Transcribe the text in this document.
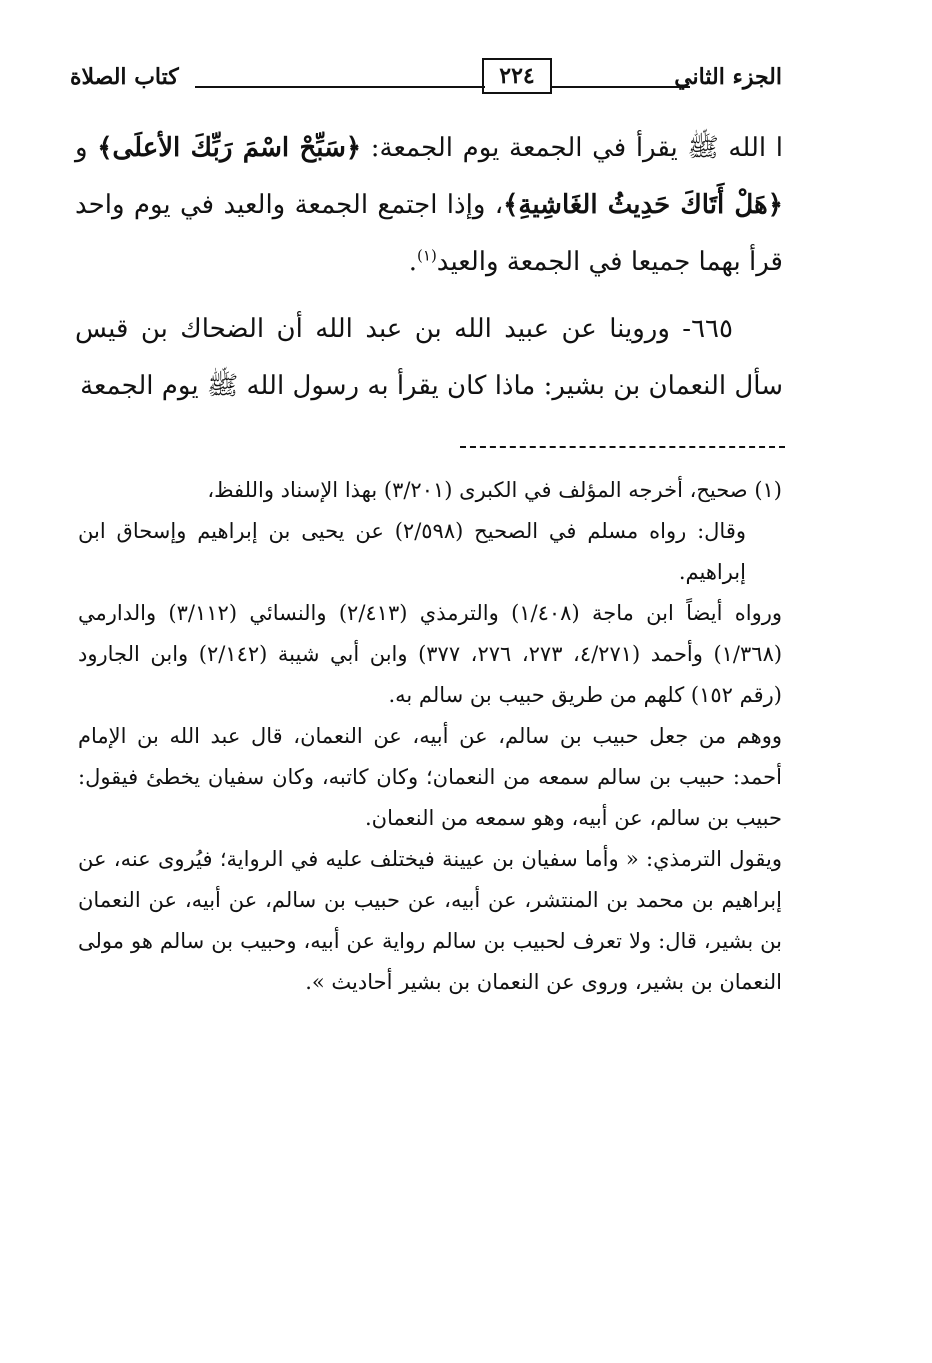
الجزء الثاني
٢٢٤
كتاب الصلاة

ا الله ﷺ يقرأ في الجمعة يوم الجمعة: ﴿سَبِّحْ اسْمَ رَبِّكَ الأعلَى﴾ و ﴿هَلْ أَتَاكَ حَدِيثُ الغَاشِيةِ﴾، وإذا اجتمع الجمعة والعيد في يوم واحد قرأ بهما جميعا في الجمعة والعيد$^{(١)}$.

٦٦٥- وروينا عن عبيد الله بن عبد الله أن الضحاك بن قيس سأل النعمان بن بشير: ماذا كان يقرأ به رسول الله ﷺ يوم الجمعة

(١) صحيح، أخرجه المؤلف في الكبرى (٣/٢٠١) بهذا الإسناد واللفظ،

وقال: رواه مسلم في الصحيح (٢/٥٩٨) عن يحيى بن إبراهيم وإسحاق ابن إبراهيم.

ورواه أيضاً ابن ماجة (١/٤٠٨) والترمذي (٢/٤١٣) والنسائي (٣/١١٢) والدارمي (١/٣٦٨) وأحمد (٤/٢٧١، ٢٧٣، ٢٧٦، ٣٧٧) وابن أبي شيبة (٢/١٤٢) وابن الجارود (رقم ١٥٢) كلهم من طريق حبيب بن سالم به.

ووهم من جعل حبيب بن سالم، عن أبيه، عن النعمان، قال عبد الله بن الإمام أحمد: حبيب بن سالم سمعه من النعمان؛ وكان كاتبه، وكان سفيان يخطئ فيقول: حبيب بن سالم، عن أبيه، وهو سمعه من النعمان.

ويقول الترمذي: « وأما سفيان بن عيينة فيختلف عليه في الرواية؛ فيُروى عنه، عن إبراهيم بن محمد بن المنتشر، عن أبيه، عن حبيب بن سالم، عن أبيه، عن النعمان بن بشير، قال: ولا تعرف لحبيب بن سالم رواية عن أبيه، وحبيب بن سالم هو مولى النعمان بن بشير، وروى عن النعمان بن بشير أحاديث ».
